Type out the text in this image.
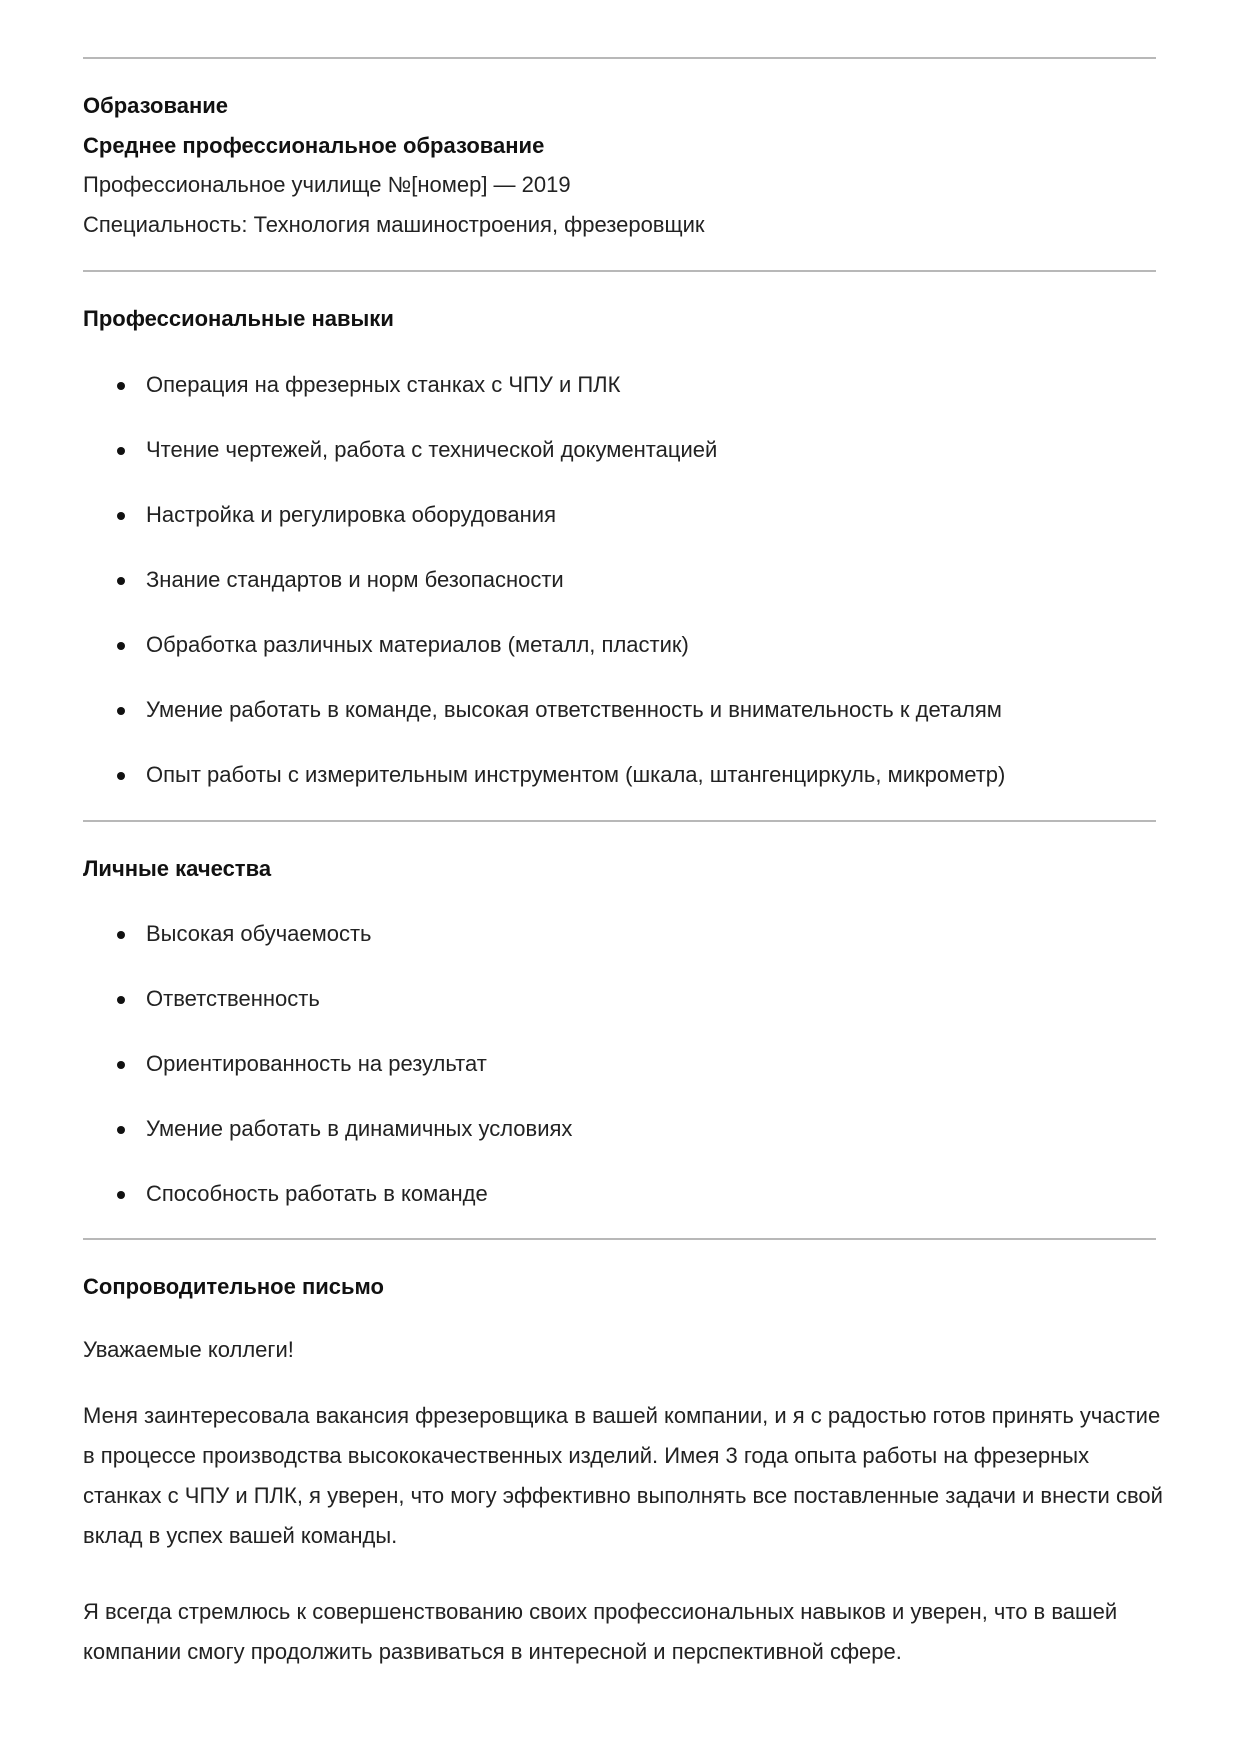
Образование
Среднее профессиональное образование
Профессиональное училище №[номер] — 2019
Специальность: Технология машиностроения, фрезеровщик
Профессиональные навыки
Операция на фрезерных станках с ЧПУ и ПЛК
Чтение чертежей, работа с технической документацией
Настройка и регулировка оборудования
Знание стандартов и норм безопасности
Обработка различных материалов (металл, пластик)
Умение работать в команде, высокая ответственность и внимательность к деталям
Опыт работы с измерительным инструментом (шкала, штангенциркуль, микрометр)
Личные качества
Высокая обучаемость
Ответственность
Ориентированность на результат
Умение работать в динамичных условиях
Способность работать в команде
Сопроводительное письмо

Уважаемые коллеги!

Меня заинтересовала вакансия фрезеровщика в вашей компании, и я с радостью готов принять участие в процессе производства высококачественных изделий. Имея 3 года опыта работы на фрезерных станках с ЧПУ и ПЛК, я уверен, что могу эффективно выполнять все поставленные задачи и внести свой вклад в успех вашей команды.

Я всегда стремлюсь к совершенствованию своих профессиональных навыков и уверен, что в вашей компании смогу продолжить развиваться в интересной и перспективной сфере.
